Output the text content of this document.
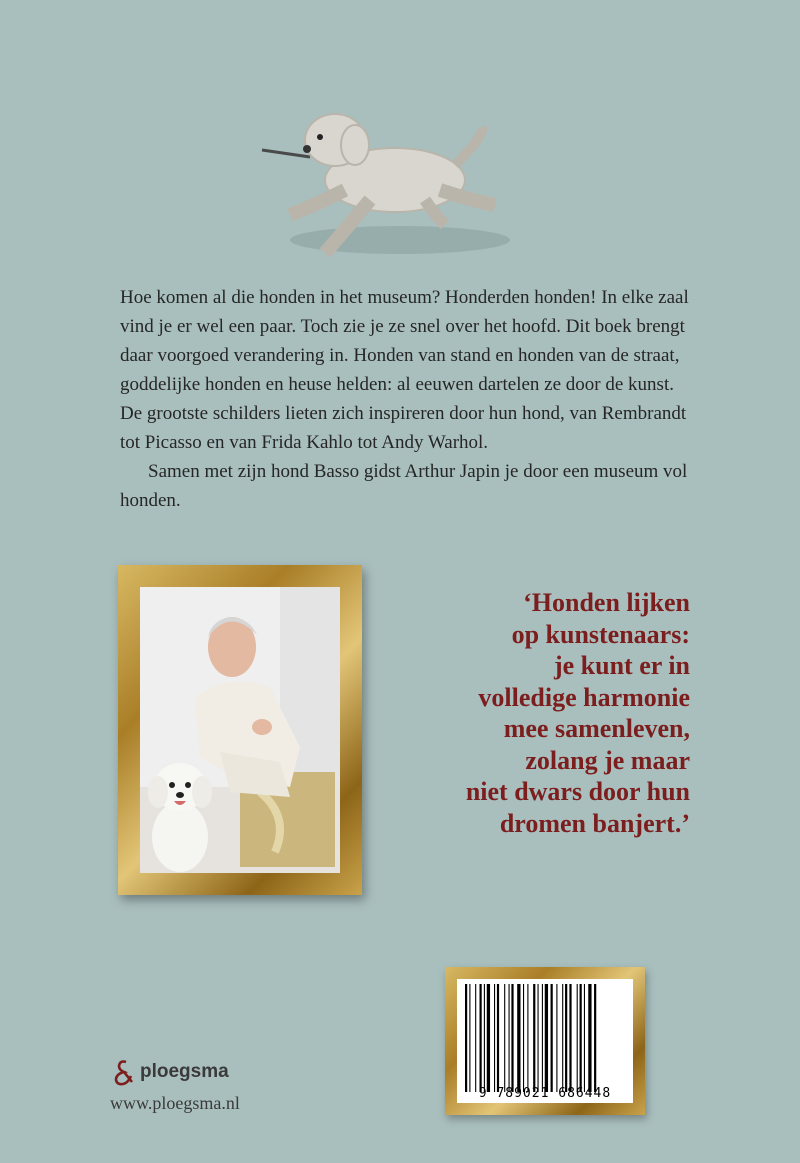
Hoe komen al die honden in het museum? Honderden honden! In elke zaal vind je er wel een paar. Toch zie je ze snel over het hoofd. Dit boek brengt daar voorgoed verandering in. Honden van stand en honden van de straat, goddelijke honden en heuse helden: al eeuwen dartelen ze door de kunst. De grootste schilders lieten zich inspireren door hun hond, van Rembrandt tot Picasso en van Frida Kahlo tot Andy Warhol.

Samen met zijn hond Basso gidst Arthur Japin je door een museum vol honden.

‘Honden lijken
op kunstenaars:
je kunt er in
volledige harmonie
mee samenleven,
zolang je maar
niet dwars door hun
dromen banjert.’
9 789021 686448
ploegsma
www.ploegsma.nl
